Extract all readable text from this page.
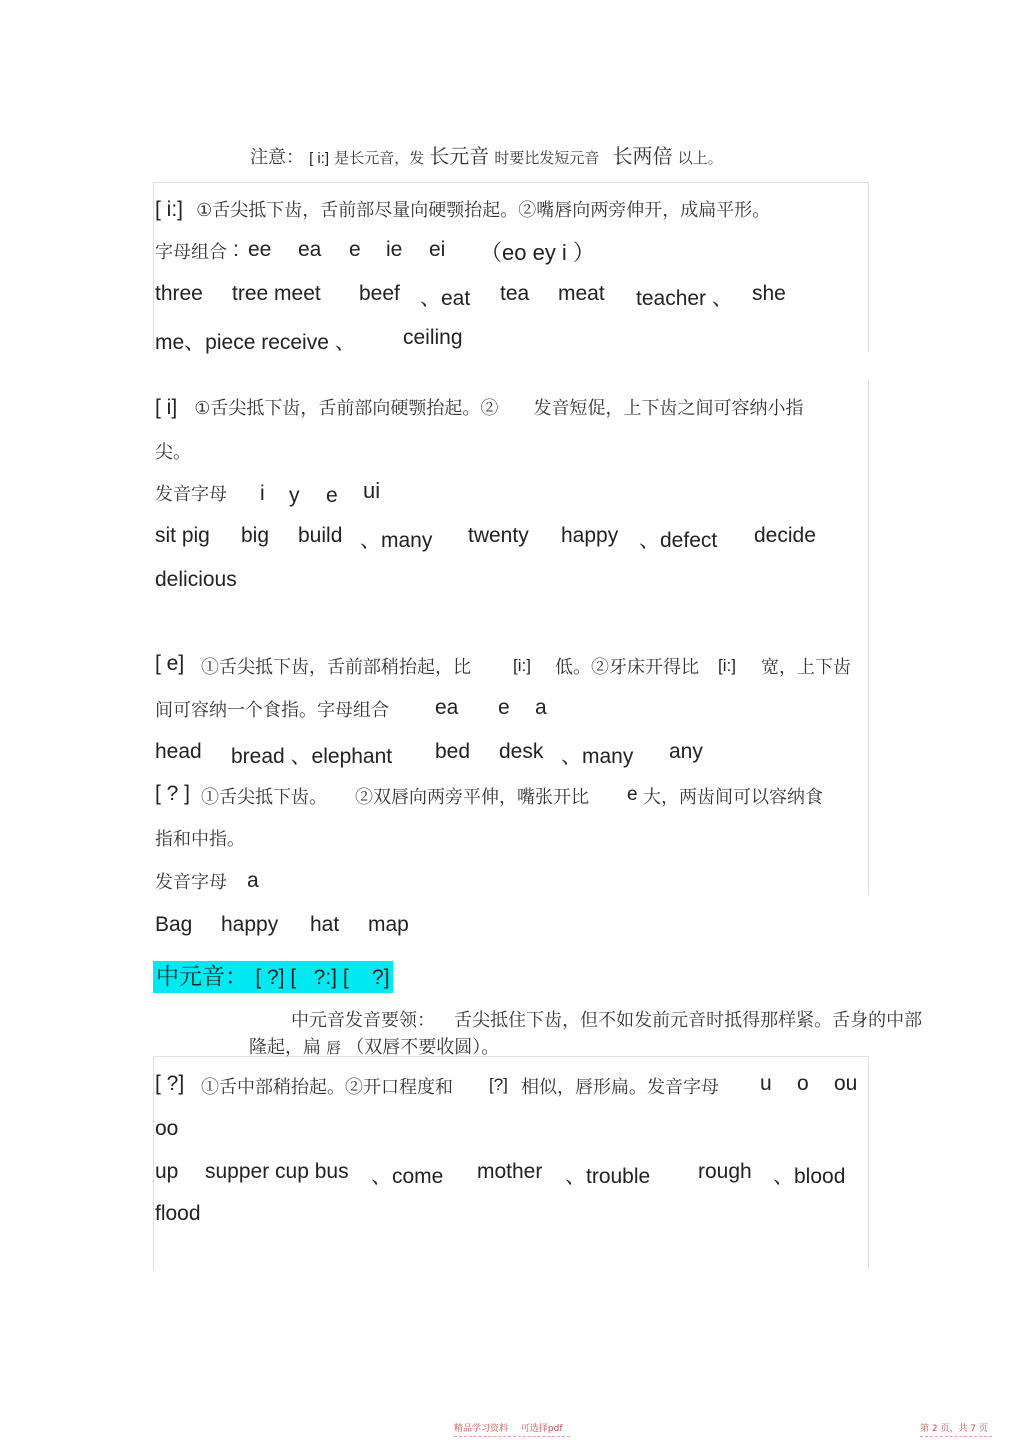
注意： [ i:] 是长元音，发 长元音 时要比发短元音 长两倍 以上。
[ i:] ①舌尖抵下齿，舌前部尽量向硬颚抬起。②嘴唇向两旁伸开，成扁平形。
字母组合 : ee ea e ie ei （eo ey i ）
three tree meet beef 、eat tea meat teacher 、 she
me、piece receive 、 ceiling
[ i] ①舌尖抵下齿，舌前部向硬颚抬起。② 发音短促，上下齿之间可容纳小指
尖。
发音字母 i y e ui
sit pig big build 、many twenty happy 、defect decide
delicious
[ e] ①舌尖抵下齿，舌前部稍抬起，比 [i:] 低。②牙床开得比 [i:] 宽，上下齿
间可容纳一个食指。字母组合 ea e a
head bread 、elephant bed desk 、many any
[ ? ] ①舌尖抵下齿。 ②双唇向两旁平伸，嘴张开比 e 大，两齿间可以容纳食
指和中指。
发音字母 a
Bag happy hat map
中元音： [ ?] [   ?:] [    ?]
中元音发音要领： 舌尖抵住下齿，但不如发前元音时抵得那样紧。舌身的中部
隆起，扁 唇 （双唇不要收圆）。
[ ?] ①舌中部稍抬起。②开口程度和 [?] 相似，唇形扁。发音字母 u o ou
oo
up supper cup bus 、come mother 、trouble rough 、blood
flood
精品学习资料 可选择pdf	第 2 页，共 7 页
